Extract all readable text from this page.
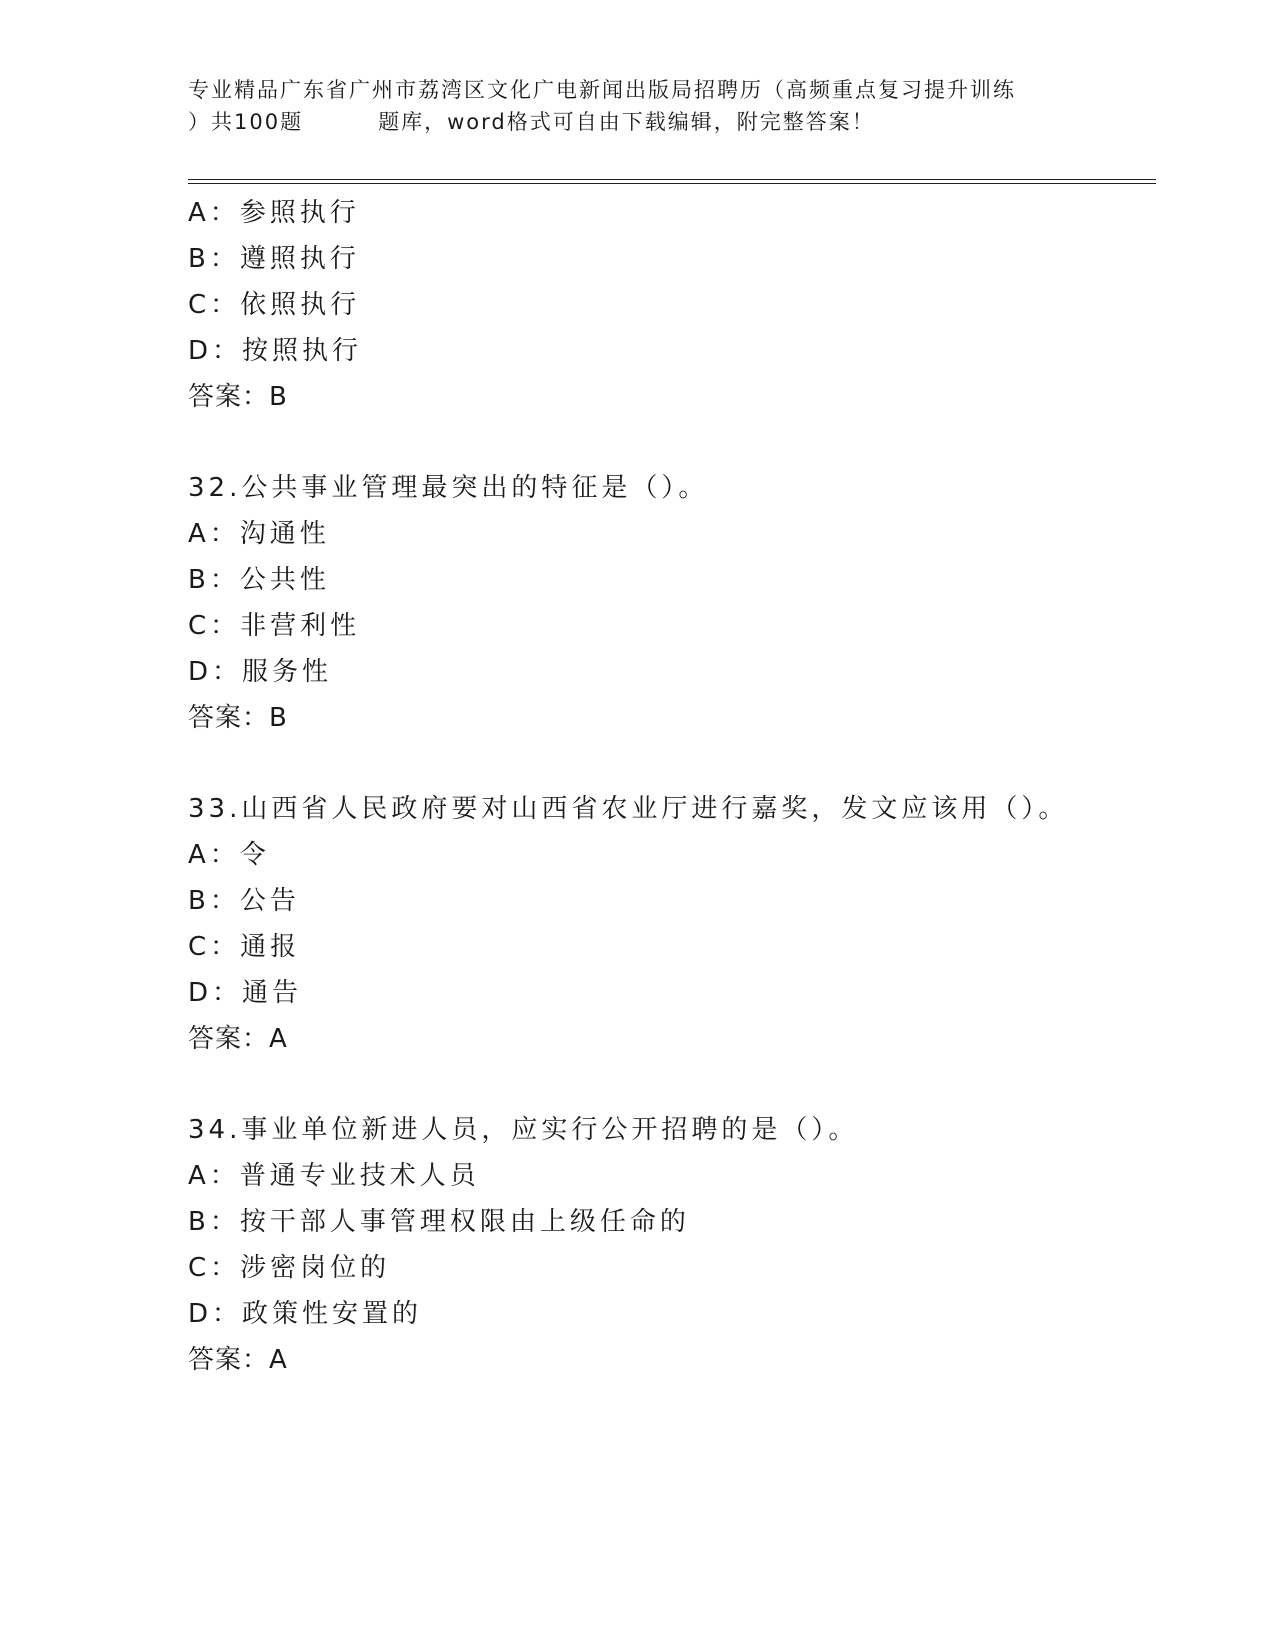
专业精品广东省广州市荔湾区文化广电新闻出版局招聘历（高频重点复习提升训练
）共100题	题库，word格式可自由下载编辑，附完整答案！
A：参照执行
B：遵照执行
C：依照执行
D：按照执行
答案：B
32.公共事业管理最突出的特征是（）。
A：沟通性
B：公共性
C：非营利性
D：服务性
答案：B
33.山西省人民政府要对山西省农业厅进行嘉奖，发文应该用（）。
A：令
B：公告
C：通报
D：通告
答案：A
34.事业单位新进人员，应实行公开招聘的是（）。
A：普通专业技术人员
B：按干部人事管理权限由上级任命的
C：涉密岗位的
D：政策性安置的
答案：A
